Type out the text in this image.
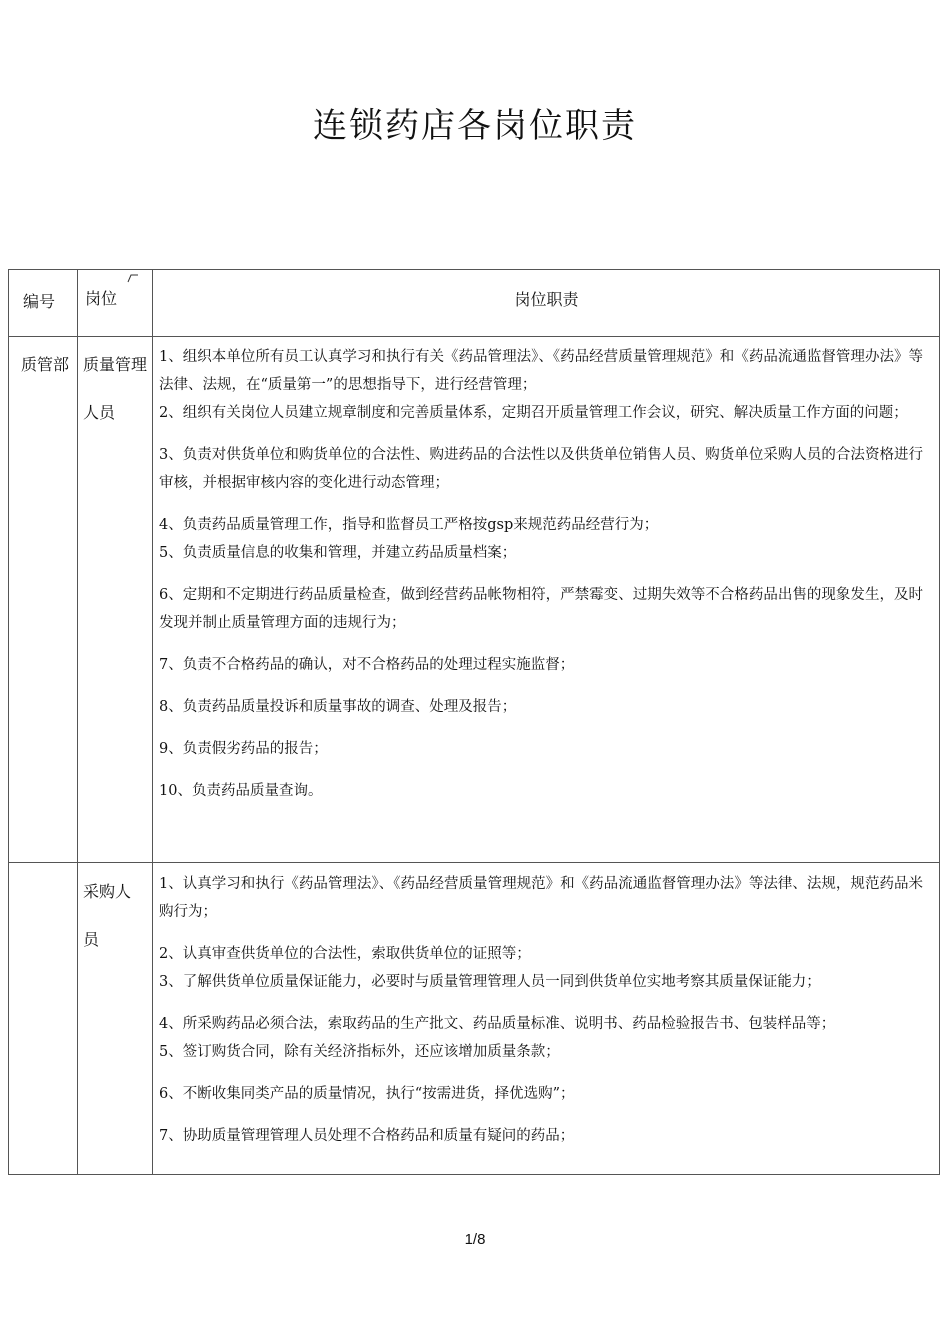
连锁药店各岗位职责
编号 岗位	岗位职责
质管部 质量管理人员
1、组织本单位所有员工认真学习和执行有关《药品管理法》、《药品经营质量管理规范》和《药品流通监督管理办法》等法律、法规，在“质量第一”的思想指导下，进行经营管理；
2、组织有关岗位人员建立规章制度和完善质量体系，定期召开质量管理工作会议，研究、解决质量工作方面的问题；
3、负责对供货单位和购货单位的合法性、购进药品的合法性以及供货单位销售人员、购货单位采购人员的合法资格进行审核，并根据审核内容的变化进行动态管理；
4、负责药品质量管理工作，指导和监督员工严格按gsp来规范药品经营行为；
5、负责质量信息的收集和管理，并建立药品质量档案；
6、定期和不定期进行药品质量检查，做到经营药品帐物相符，严禁霉变、过期失效等不合格药品出售的现象发生，及时发现并制止质量管理方面的违规行为；
7、负责不合格药品的确认，对不合格药品的处理过程实施监督；
8、负责药品质量投诉和质量事故的调查、处理及报告；
9、负责假劣药品的报告；
10、负责药品质量查询。
采购人员
1、认真学习和执行《药品管理法》、《药品经营质量管理规范》和《药品流通监督管理办法》等法律、法规，规范药品米购行为；
2、认真审查供货单位的合法性，索取供货单位的证照等；
3、了解供货单位质量保证能力，必要时与质量管理管理人员一同到供货单位实地考察其质量保证能力；
4、所采购药品必须合法，索取药品的生产批文、药品质量标准、说明书、药品检验报告书、包装样品等；
5、签订购货合同，除有关经济指标外，还应该增加质量条款；
6、不断收集同类产品的质量情况，执行“按需进货，择优选购”；
7、协助质量管理管理人员处理不合格药品和质量有疑问的药品；
1/8
